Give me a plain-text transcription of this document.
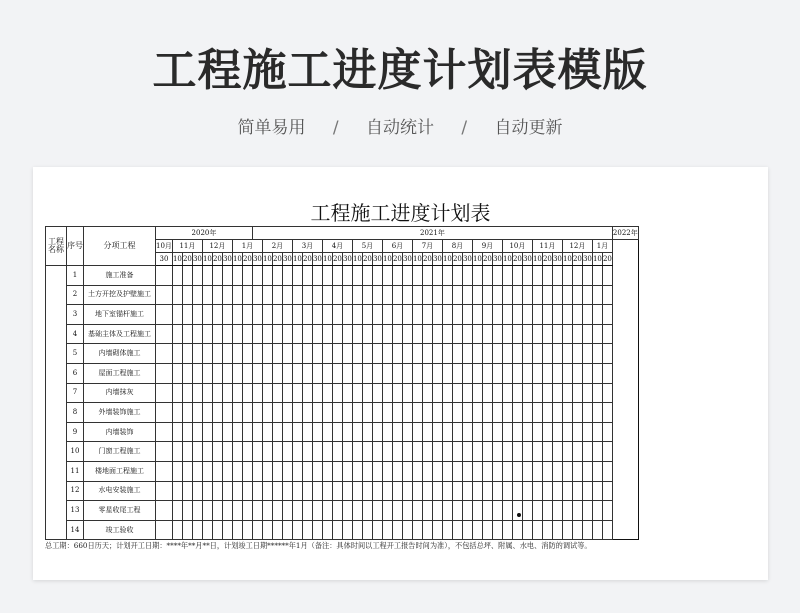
工程施工进度计划表模版
简单易用 / 自动统计 / 自动更新
工程施工进度计划表
工程名称	序号	分项工程	2020年									2021年																																				2022年
			10月	11月			12月			1月			2月			3月			4月			5月			6月			7月			8月			9月			10月			11月			12月			1月		
			30	10	20	30	10	20	30	10	20	30	10	20	30	10	20	30	10	20	30	10	20	30	10	20	30	10	20	30	10	20	30	10	20	30	10	20	30	10	20	30	10	20	30	10	20	
	1	施工准备																																														
	2	土方开挖及护壁施工																																														
	3	地下室锚杆施工																																														
	4	基础主体及工程施工																																														
	5	内墙砌体施工																																														
	6	屋面工程施工																																														
	7	内墙抹灰																																														
	8	外墙装饰施工																																														
	9	内墙装饰																																														
	10	门窗工程施工																																														
	11	楼地面工程施工																																														
	12	水电安装施工																																														
	13	零星收尾工程																																														
	14	竣工验收																																														
总工期：660日历天；计划开工日期：****年**月**日，计划竣工日期******年1月（备注：具体时间以工程开工报告时间为准），不包括总坪、附属、水电、消防的调试等。
